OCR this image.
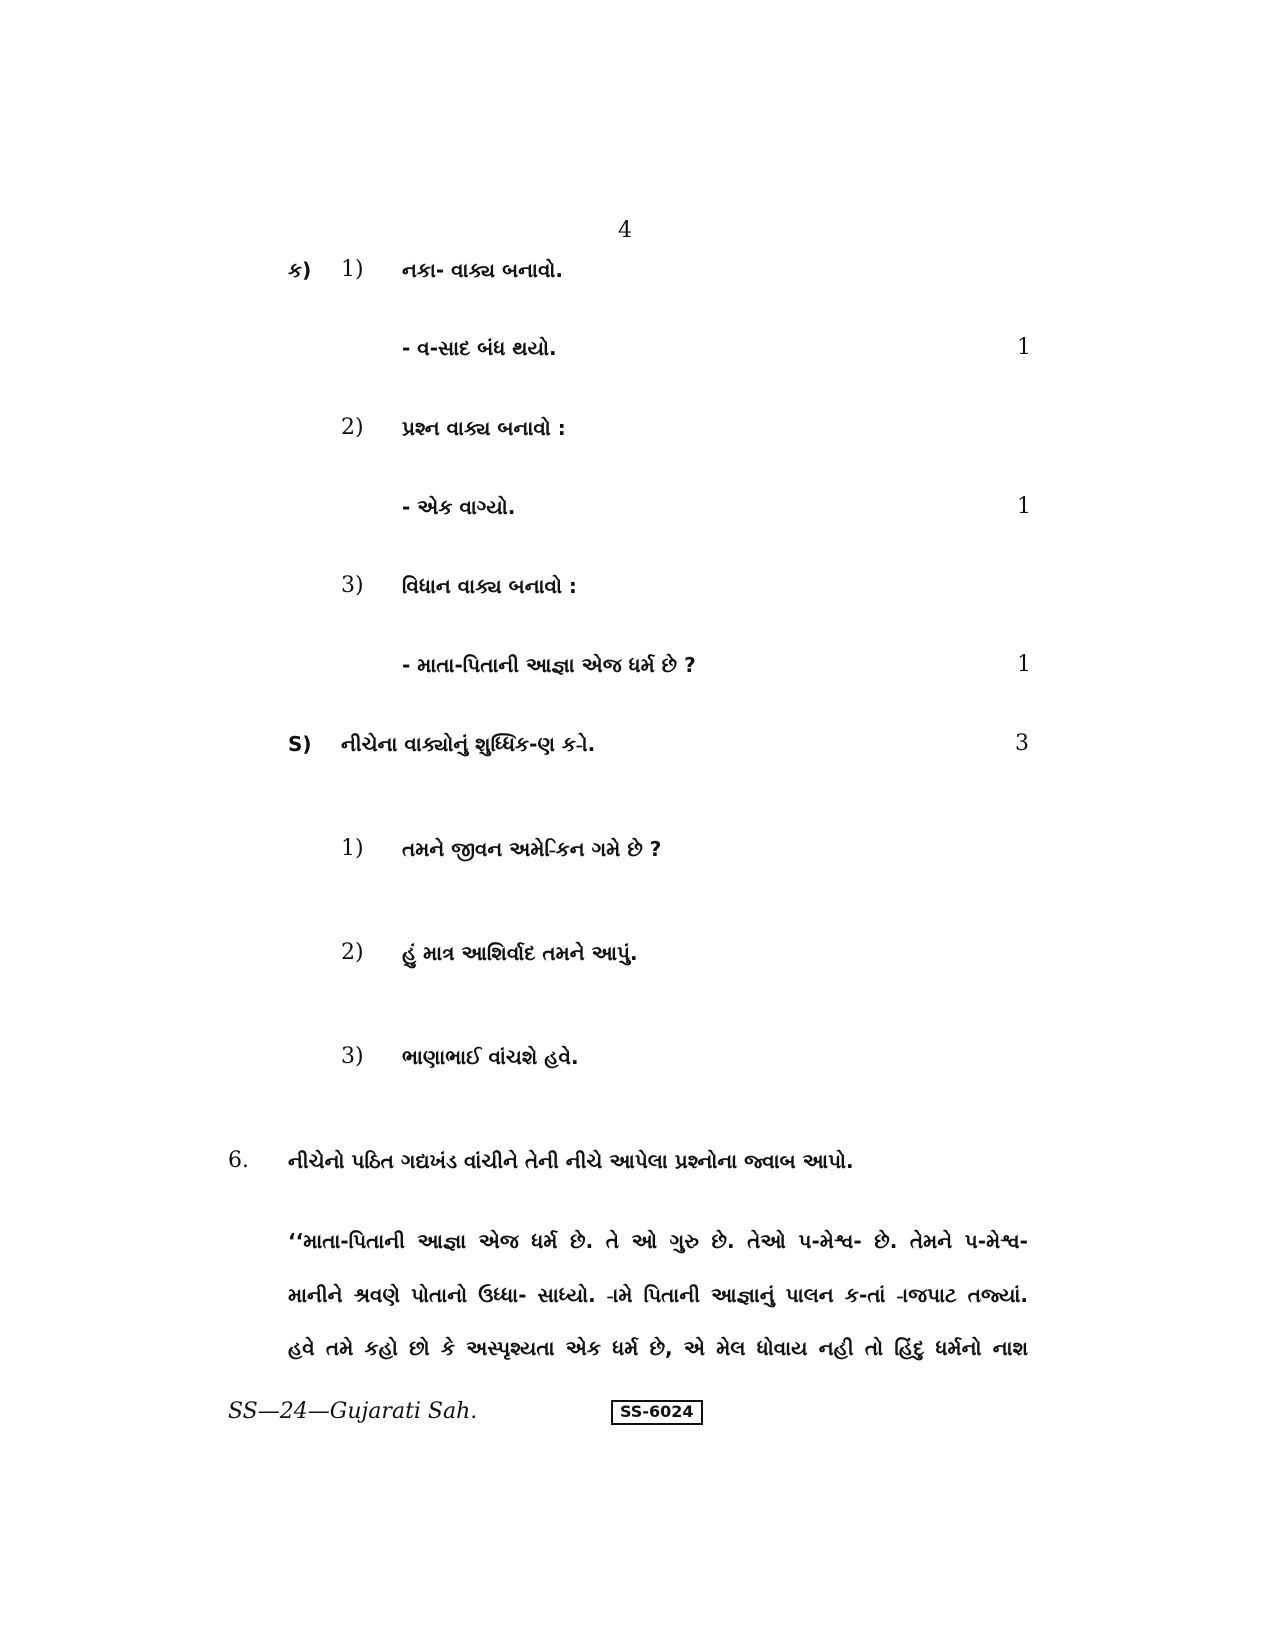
4
ક) 1) નકા- વાક્ય બનાવો.
- વ-સાદ બંધ થયો.	1
2) પ્રશ્ન વાક્ય બનાવો :
- એક વાગ્યો.	1
3) વિધાન વાક્ય બનાવો :
- માતા-પિતાની આજ્ઞા એજ ધર્મ છે ?	1
S) નીચેના વાક્યોનું શુધ્ધિક-ણ ક-ો.	3
1) તમને જીવન અમે-િકન ગમે છે ?
2) હું માત્ર આશિર્વાદ તમને આપું.
3) ભાણાભાઈ વાંચશે હવે.
6. નીચેનો પઠિત ગદ્યખંડ વાંચીને તેની નીચે આપેલા પ્રશ્નોના જ્વાબ આપો.
‘‘માતા-પિતાની આજ્ઞા એજ ધર્મ છે. તે ઓ ગુરુ છે. તેઓ પ-મેશ્વ- છે. તેમને પ-મેશ્વ-
માનીને શ્રવણે પોતાનો ઉધ્ધા- સાધ્યો. -ામે પિતાની આજ્ઞાનું પાલન ક-તાં -ાજપાટ તજ્યાં.
હવે તમે કહો છો કે અસ્પૃશ્યતા એક ધર્મ છે, એ મેલ ધોવાય નહી તો હિંદુ ધર્મનો નાશ
SS—24—Gujarati Sah.	SS-6024
